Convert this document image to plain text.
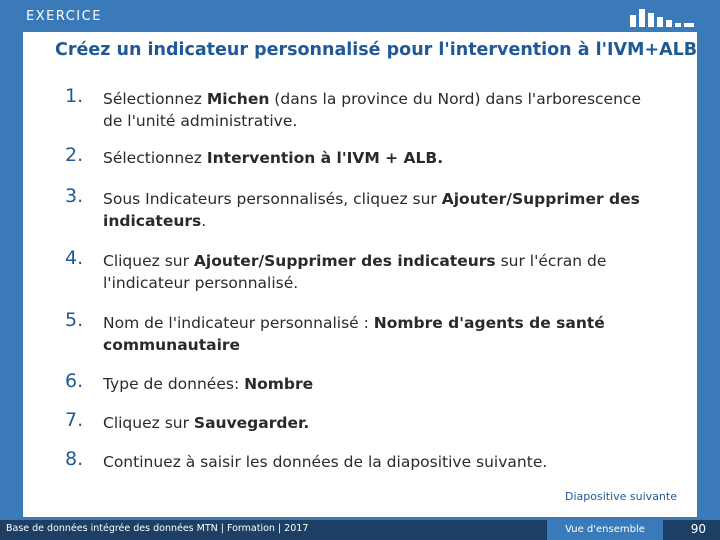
EXERCICE
Créez un indicateur personnalisé pour l'intervention à l'IVM+ALB
1. Sélectionnez Michen (dans la province du Nord) dans l'arborescence de l'unité administrative.
2. Sélectionnez Intervention à l'IVM + ALB.
3. Sous Indicateurs personnalisés, cliquez sur Ajouter/Supprimer des indicateurs.
4. Cliquez sur Ajouter/Supprimer des indicateurs sur l'écran de l'indicateur personnalisé.
5. Nom de l'indicateur personnalisé : Nombre d'agents de santé communautaire
6. Type de données: Nombre
7. Cliquez sur Sauvegarder.
8. Continuez à saisir les données de la diapositive suivante.
Diapositive suivante
Base de données intégrée des données MTN | Formation | 2017	Vue d'ensemble	90
